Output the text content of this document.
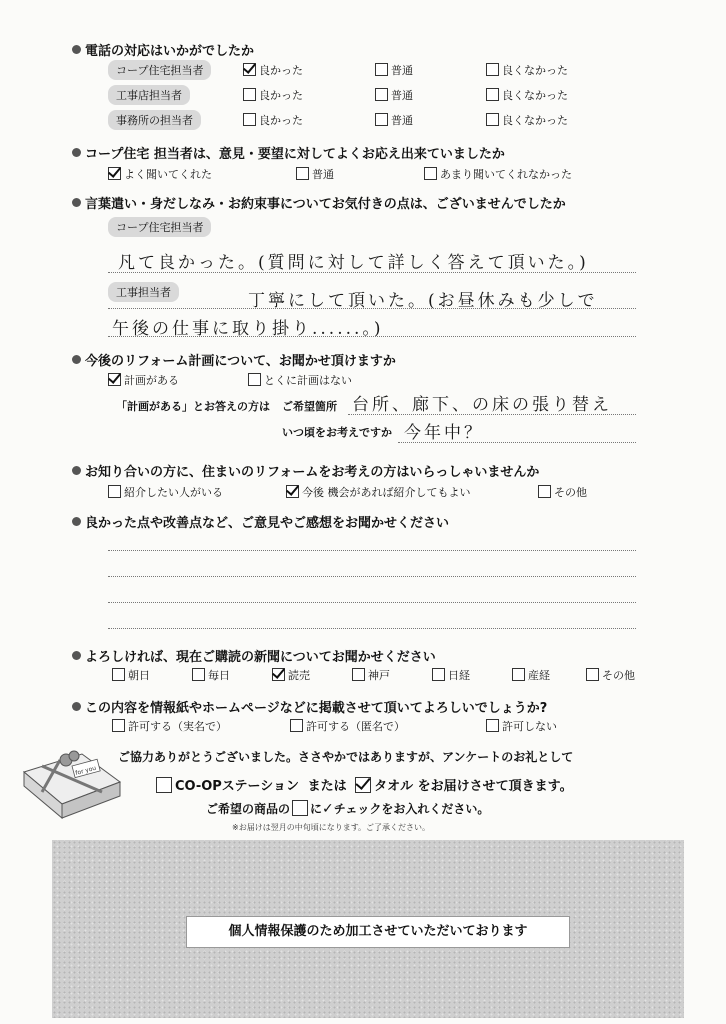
電話の対応はいかがでしたか
コープ住宅担当者	良かった	普通	良くなかった
工事店担当者	良かった	普通	良くなかった
事務所の担当者	良かった	普通	良くなかった
コープ住宅 担当者は、意見・要望に対してよくお応え出来ていましたか
よく聞いてくれた	普通	あまり聞いてくれなかった
言葉遣い・身だしなみ・お約束事についてお気付きの点は、ございませんでしたか
コープ住宅担当者
凡て良かった。(質問に対して詳しく答えて頂いた。)
工事担当者	丁寧にして頂いた。(お昼休みも少しで
午後の仕事に取り掛り......。)
今後のリフォーム計画について、お聞かせ頂けますか
計画がある	とくに計画はない
「計画がある」とお答えの方は ご希望箇所 台所、廊下、の床の張り替え
いつ頃をお考えですか 今年中？
お知り合いの方に、住まいのリフォームをお考えの方はいらっしゃいませんか
紹介したい人がいる	今後 機会があれば紹介してもよい	その他
良かった点や改善点など、ご意見やご感想をお聞かせください
よろしければ、現在ご購読の新聞についてお聞かせください
朝日	毎日	読売	神戸	日経	産経	その他
この内容を情報紙やホームページなどに掲載させて頂いてよろしいでしょうか?
許可する（実名で）	許可する（匿名で）	許可しない
for you
ご協力ありがとうございました。ささやかではありますが、アンケートのお礼として
CO-OPステーション または タオル をお届けさせて頂きます。
ご希望の商品の に✓チェックをお入れください。
※お届けは翌月の中旬頃になります。ご了承ください。
個人情報保護のため加工させていただいております
